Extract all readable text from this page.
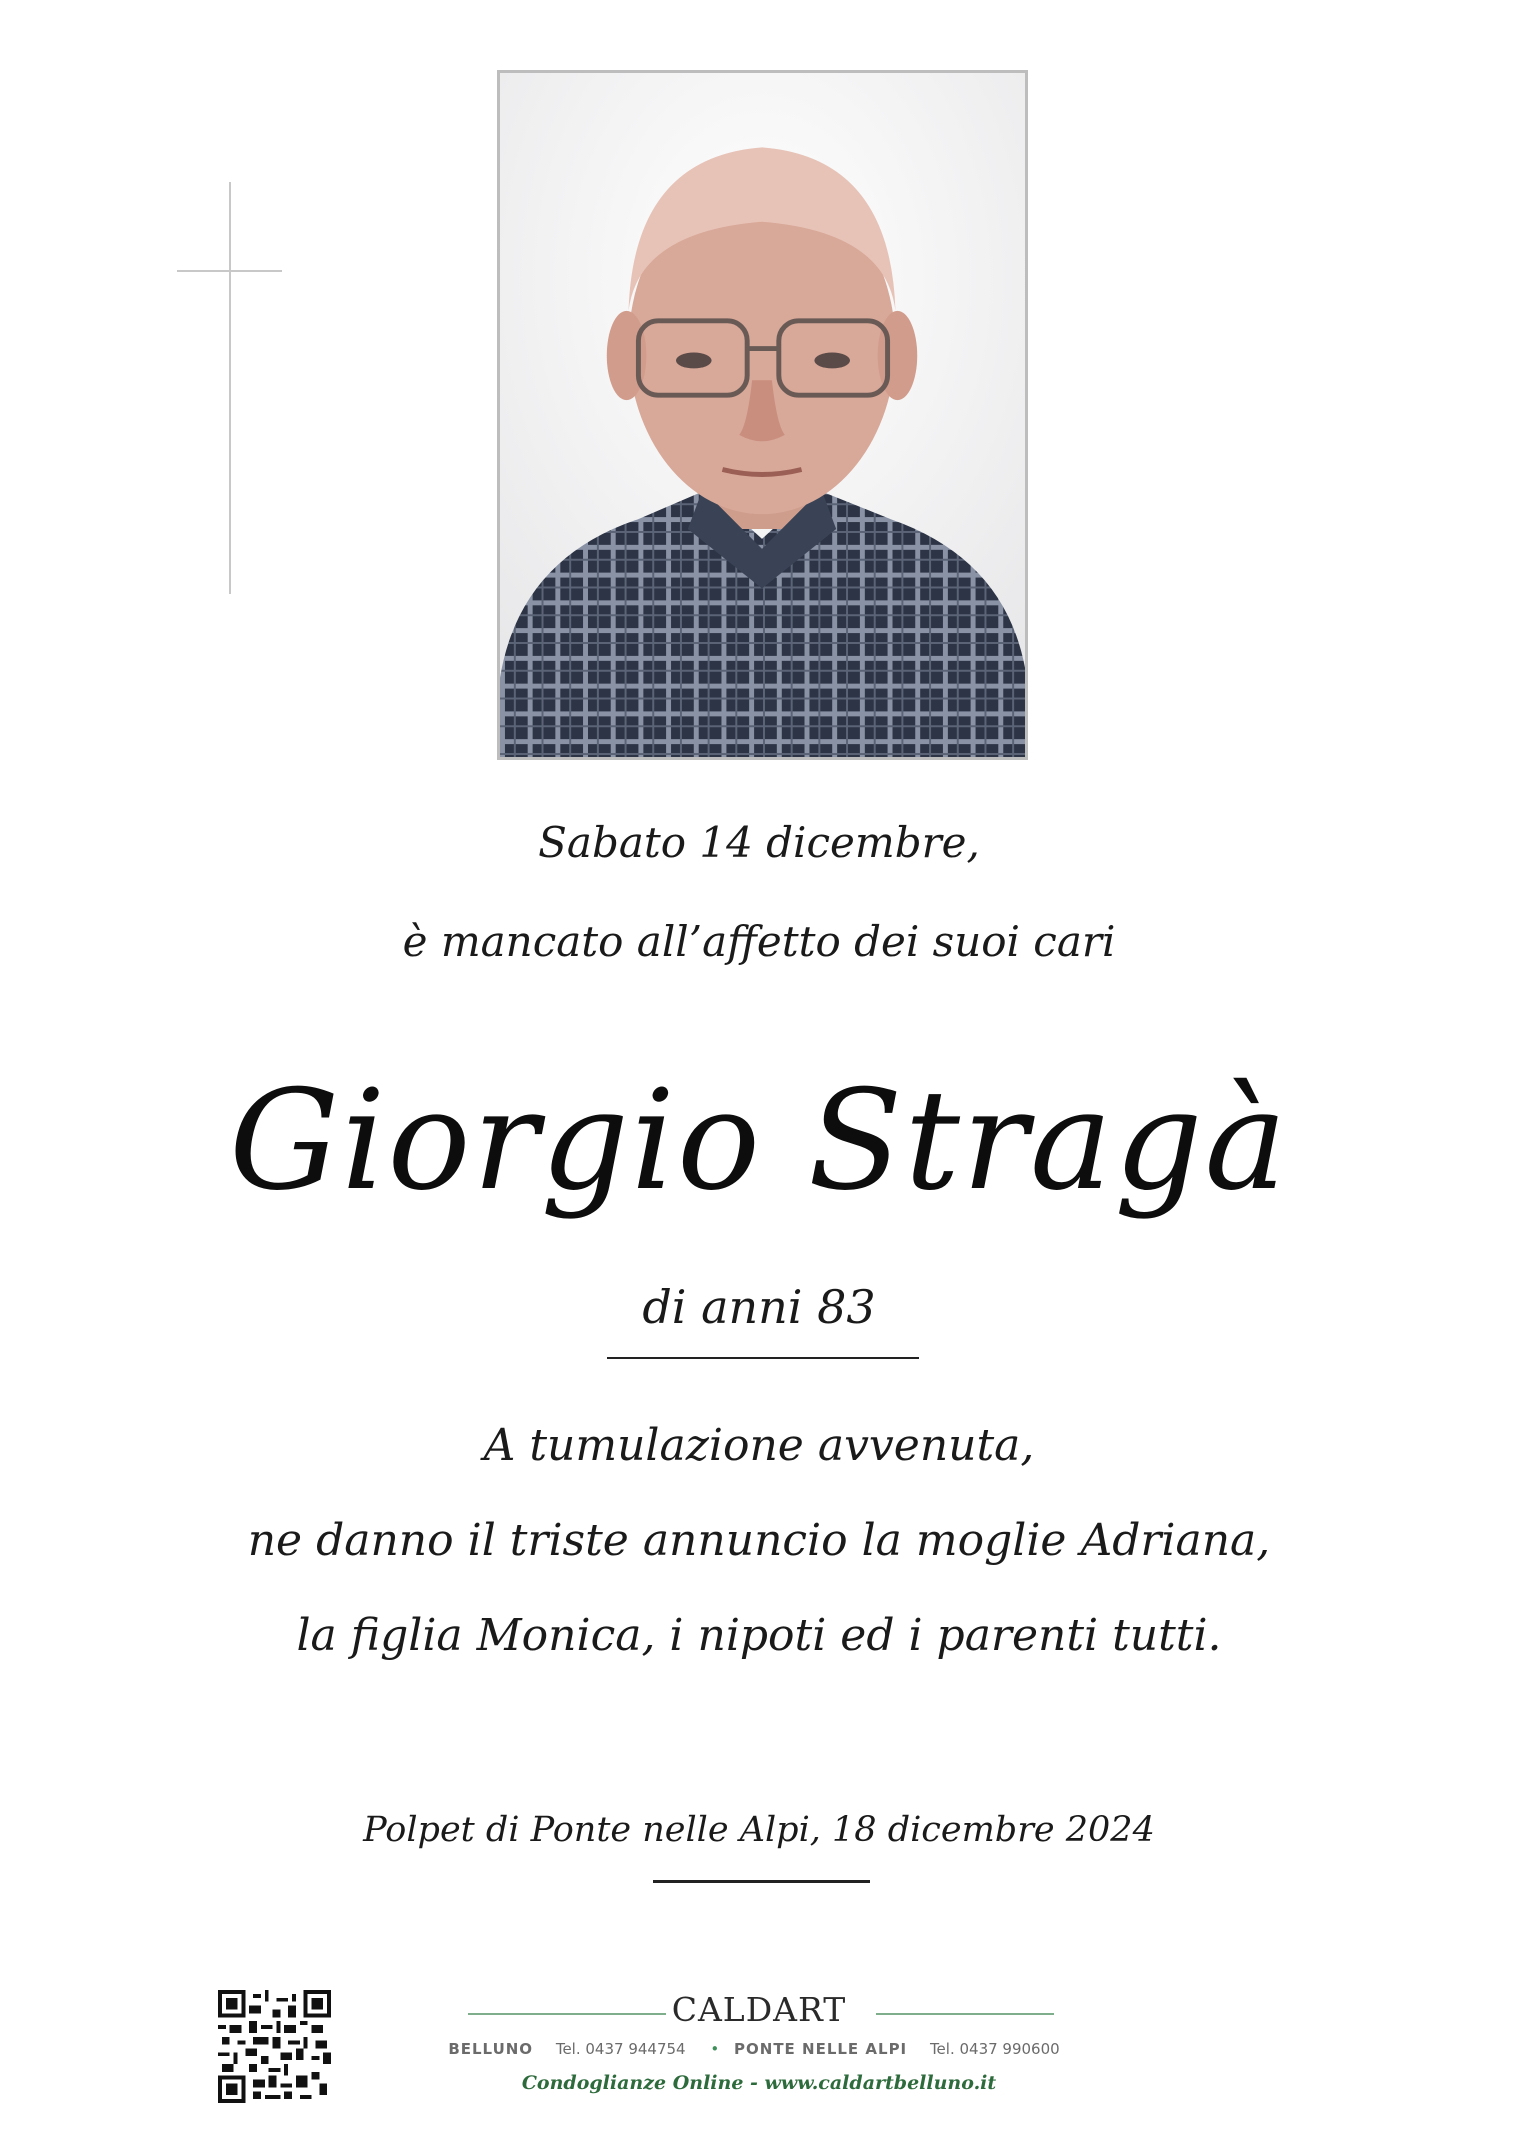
Sabato 14 dicembre,
è mancato all’affetto dei suoi cari
Giorgio Stragà
di anni 83
A tumulazione avvenuta,
ne danno il triste annuncio la moglie Adriana,
la figlia Monica, i nipoti ed i parenti tutti.
Polpet di Ponte nelle Alpi, 18 dicembre 2024
CALDART
BELLUNO Tel. 0437 944754 • PONTE NELLE ALPI Tel. 0437 990600
Condoglianze Online - www.caldartbelluno.it
